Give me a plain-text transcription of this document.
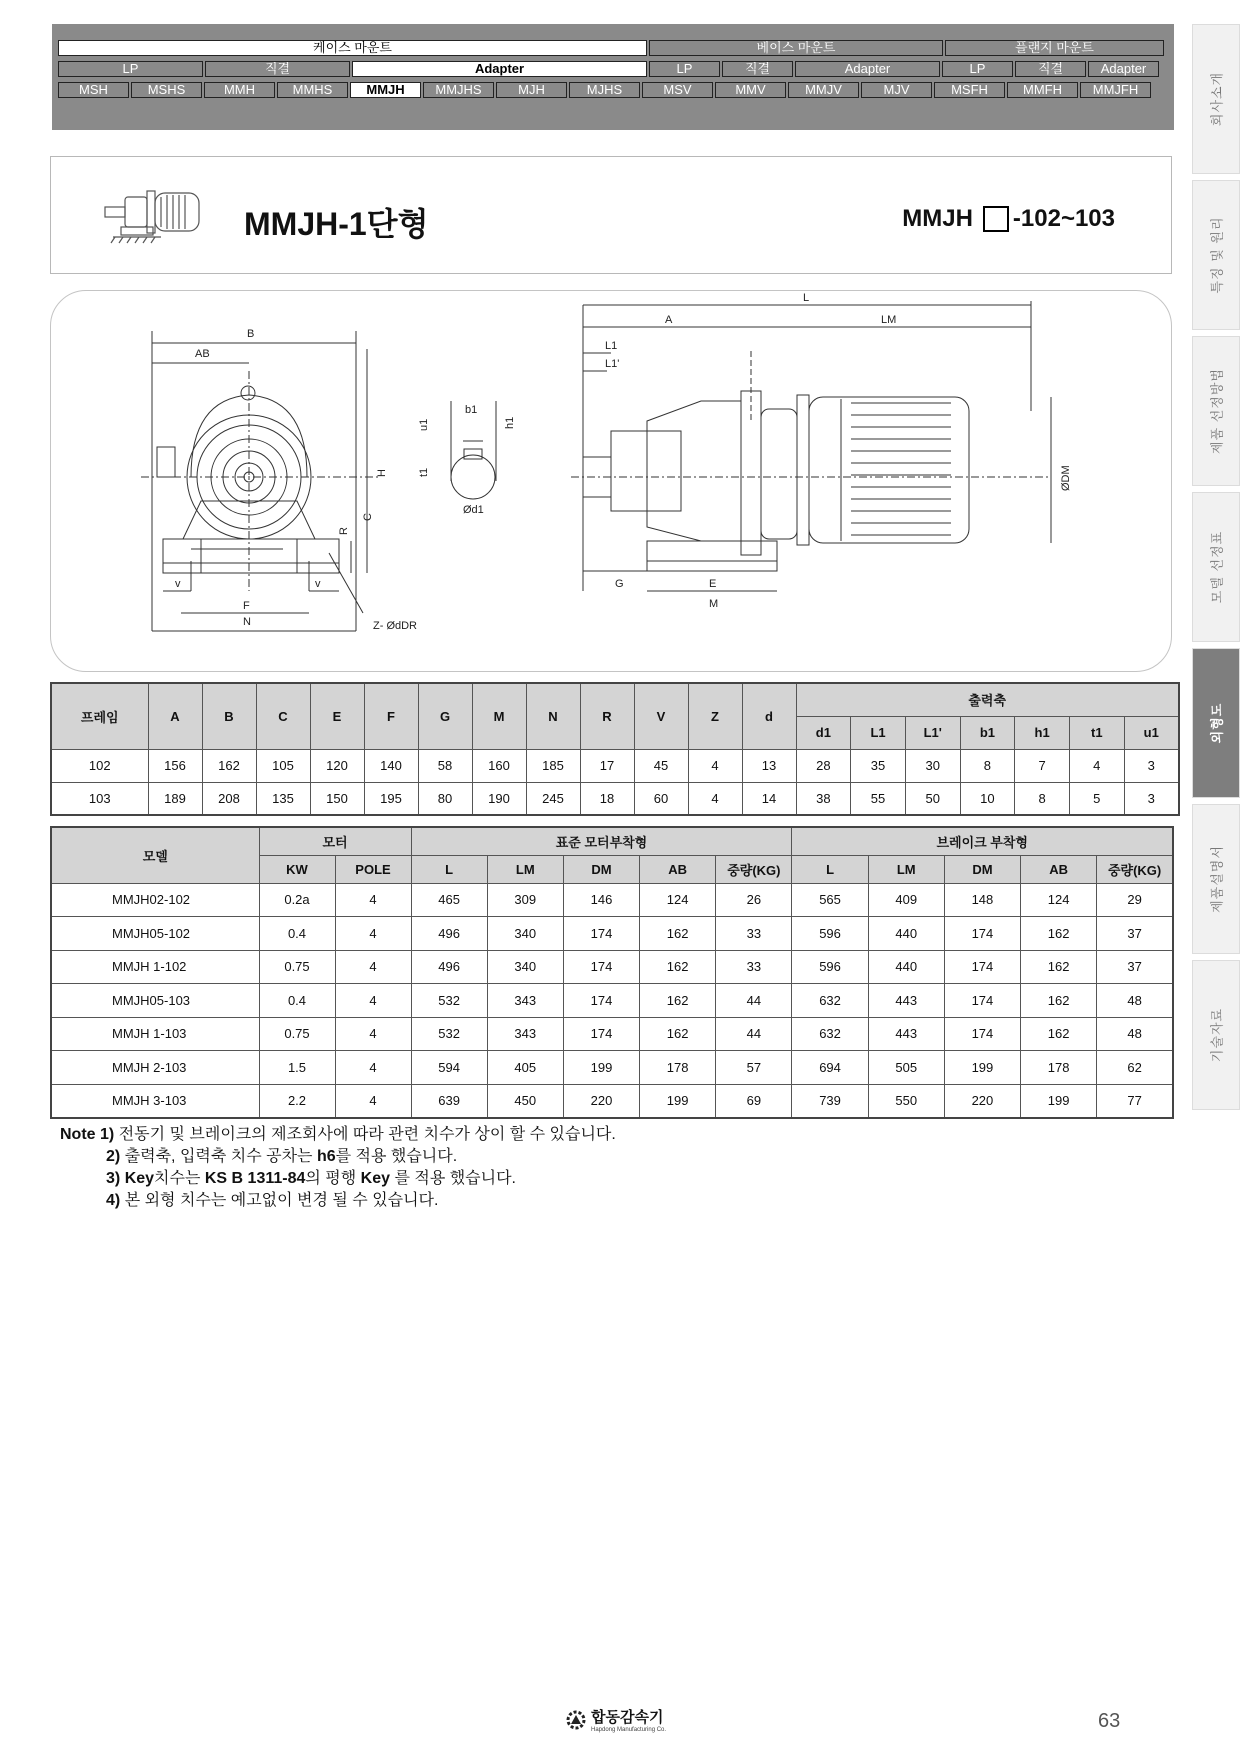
케이스 마운트	베이스 마운트	플랜지 마운트
LP	직결	Adapter	LP	직결	Adapter	LP	직결	Adapter
MSH	MSHS	MMH	MMHS	MMJH	MMJHS	MJH	MJHS	MSV	MMV	MMJV	MJV	MSFH	MMFH	MMJFH	회사소개
특징 및 원리
제품 선정방법
모델 선정표
외형도
제품설명서
기술자료
MMJH-1단형	MMJH -102~103
B
AB
H
C
R
v	v
F
N	Z- ØdDR
b1
h1
u1
t1
Ød1
L
A	LM
L1
L1'
ØDM
G	E
M
프레임	A	B	C	E	F	G	M	N	R	V	Z	d	출력축						
													d1	L1	L1'	b1	h1	t1	u1
102	156	162	105	120	140	58	160	185	17	45	4	13	28	35	30	8	7	4	3
103	189	208	135	150	195	80	190	245	18	60	4	14	38	55	50	10	8	5	3
모델	모터		표준 모터부착형					브레이크 부착형				
	KW	POLE	L	LM	DM	AB	중량(KG)	L	LM	DM	AB	중량(KG)
MMJH02-102	0.2a	4	465	309	146	124	26	565	409	148	124	29
MMJH05-102	0.4	4	496	340	174	162	33	596	440	174	162	37
MMJH 1-102	0.75	4	496	340	174	162	33	596	440	174	162	37
MMJH05-103	0.4	4	532	343	174	162	44	632	443	174	162	48
MMJH 1-103	0.75	4	532	343	174	162	44	632	443	174	162	48
MMJH 2-103	1.5	4	594	405	199	178	57	694	505	199	178	62
MMJH 3-103	2.2	4	639	450	220	199	69	739	550	220	199	77
Note 1) 전동기 및 브레이크의 제조회사에 따라 관련 치수가 상이 할 수 있습니다.
2) 출력축, 입력축 치수 공차는 h6를 적용 했습니다.
3) Key치수는 KS B 1311-84의 평행 Key 를 적용 했습니다.
4) 본 외형 치수는 예고없이 변경 될 수 있습니다.
합동감속기
Hapdong Manufacturing Co.	63
